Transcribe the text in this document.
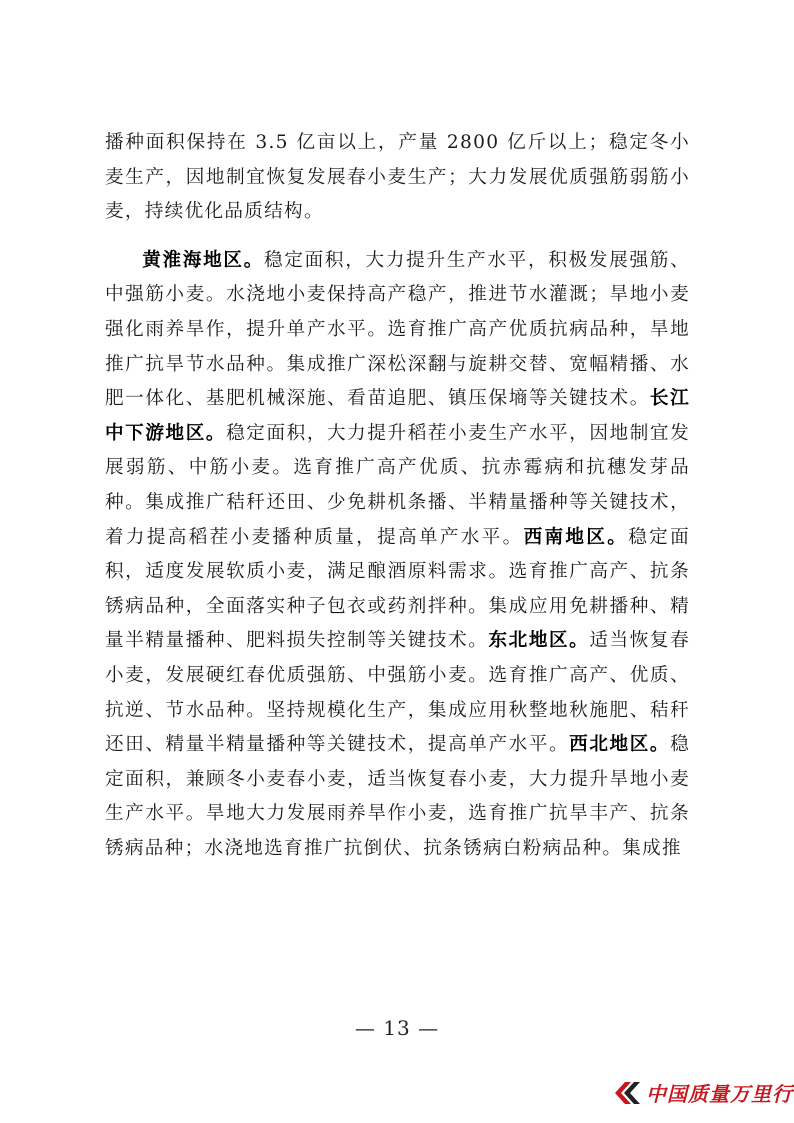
播种面积保持在 3.5 亿亩以上，产量 2800 亿斤以上；稳定冬小麦生产，因地制宜恢复发展春小麦生产；大力发展优质强筋弱筋小麦，持续优化品质结构。

黄淮海地区。稳定面积，大力提升生产水平，积极发展强筋、中强筋小麦。水浇地小麦保持高产稳产，推进节水灌溉；旱地小麦强化雨养旱作，提升单产水平。选育推广高产优质抗病品种，旱地推广抗旱节水品种。集成推广深松深翻与旋耕交替、宽幅精播、水肥一体化、基肥机械深施、看苗追肥、镇压保墒等关键技术。长江中下游地区。稳定面积，大力提升稻茬小麦生产水平，因地制宜发展弱筋、中筋小麦。选育推广高产优质、抗赤霉病和抗穗发芽品种。集成推广秸秆还田、少免耕机条播、半精量播种等关键技术，着力提高稻茬小麦播种质量，提高单产水平。西南地区。稳定面积，适度发展软质小麦，满足酿酒原料需求。选育推广高产、抗条锈病品种，全面落实种子包衣或药剂拌种。集成应用免耕播种、精量半精量播种、肥料损失控制等关键技术。东北地区。适当恢复春小麦，发展硬红春优质强筋、中强筋小麦。选育推广高产、优质、抗逆、节水品种。坚持规模化生产，集成应用秋整地秋施肥、秸秆还田、精量半精量播种等关键技术，提高单产水平。西北地区。稳定面积，兼顾冬小麦春小麦，适当恢复春小麦，大力提升旱地小麦生产水平。旱地大力发展雨养旱作小麦，选育推广抗旱丰产、抗条锈病品种；水浇地选育推广抗倒伏、抗条锈病白粉病品种。集成推

— 13 —
中国质量万里行
